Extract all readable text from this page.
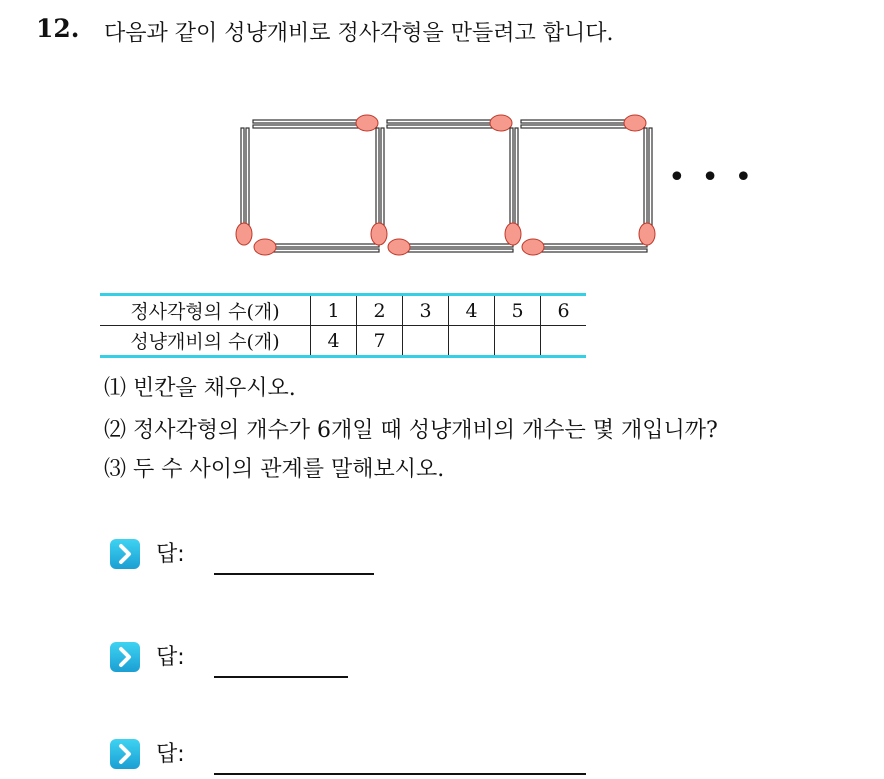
12. 다음과 같이 성냥개비로 정사각형을 만들려고 합니다.
• • •
정사각형의 수(개)	1	2	3	4	5	6
성냥개비의 수(개)	4	7				
⑴ 빈칸을 채우시오.
⑵ 정사각형의 개수가 6개일 때 성냥개비의 개수는 몇 개입니까?
⑶ 두 수 사이의 관계를 말해보시오.
답:
답:
답:
